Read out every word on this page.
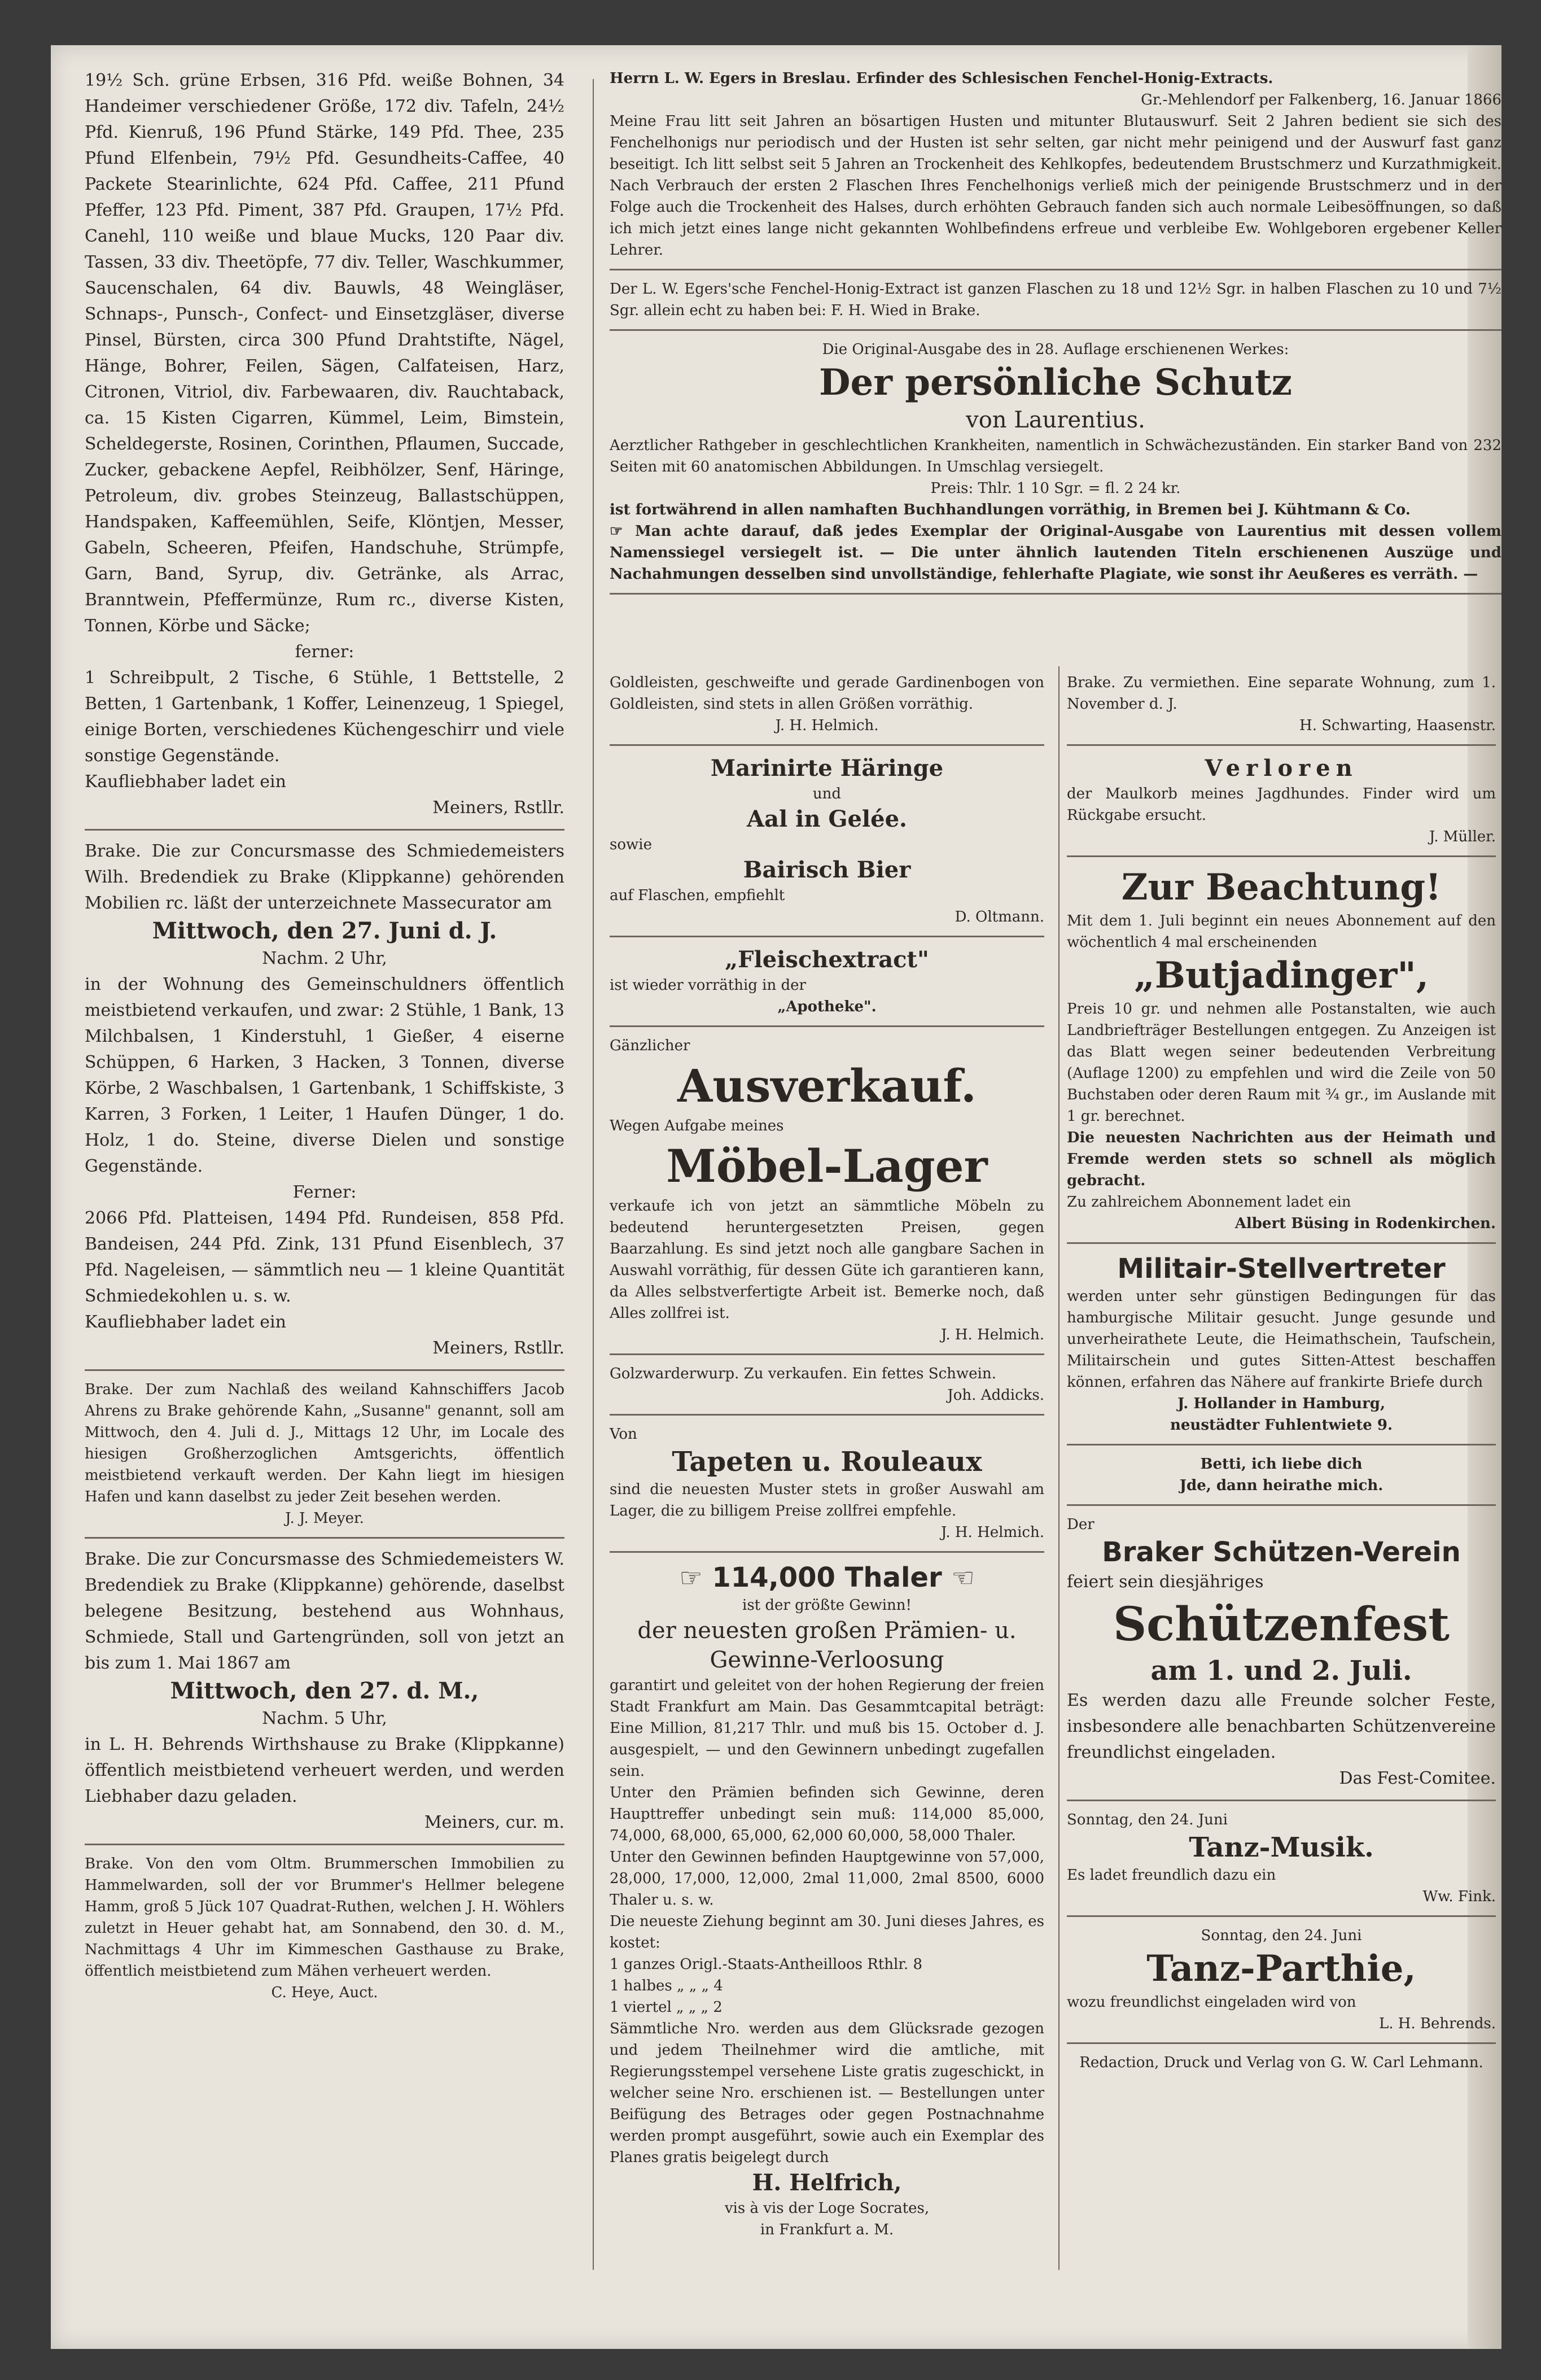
19½ Sch. grüne Erbsen, 316 Pfd. weiße Bohnen, 34 Handeimer verschiedener Größe, 172 div. Tafeln, 24½ Pfd. Kienruß, 196 Pfund Stärke, 149 Pfd. Thee, 235 Pfund Elfenbein, 79½ Pfd. Gesundheits-Caffee, 40 Packete Stearinlichte, 624 Pfd. Caffee, 211 Pfund Pfeffer, 123 Pfd. Piment, 387 Pfd. Graupen, 17½ Pfd. Canehl, 110 weiße und blaue Mucks, 120 Paar div. Tassen, 33 div. Theetöpfe, 77 div. Teller, Waschkummer, Saucenschalen, 64 div. Bauwls, 48 Weingläser, Schnaps-, Punsch-, Confect- und Einsetzgläser, diverse Pinsel, Bürsten, circa 300 Pfund Drahtstifte, Nägel, Hänge, Bohrer, Feilen, Sägen, Calfateisen, Harz, Citronen, Vitriol, div. Farbewaaren, div. Rauchtaback, ca. 15 Kisten Cigarren, Kümmel, Leim, Bimstein, Scheldegerste, Rosinen, Corinthen, Pflaumen, Succade, Zucker, gebackene Aepfel, Reibhölzer, Senf, Häringe, Petroleum, div. grobes Steinzeug, Ballastschüppen, Handspaken, Kaffeemühlen, Seife, Klöntjen, Messer, Gabeln, Scheeren, Pfeifen, Handschuhe, Strümpfe, Garn, Band, Syrup, div. Getränke, als Arrac, Branntwein, Pfeffermünze, Rum rc., diverse Kisten, Tonnen, Körbe und Säcke;

ferner:

1 Schreibpult, 2 Tische, 6 Stühle, 1 Bettstelle, 2 Betten, 1 Gartenbank, 1 Koffer, Leinenzeug, 1 Spiegel, einige Borten, verschiedenes Küchengeschirr und viele sonstige Gegenstände.

Kaufliebhaber ladet ein

Meiners, Rstllr.

Brake. Die zur Concursmasse des Schmiedemeisters Wilh. Bredendiek zu Brake (Klippkanne) gehörenden Mobilien rc. läßt der unterzeichnete Massecurator am

Mittwoch, den 27. Juni d. J.

Nachm. 2 Uhr,

in der Wohnung des Gemeinschuldners öffentlich meistbietend verkaufen, und zwar: 2 Stühle, 1 Bank, 13 Milchbalsen, 1 Kinderstuhl, 1 Gießer, 4 eiserne Schüppen, 6 Harken, 3 Hacken, 3 Tonnen, diverse Körbe, 2 Waschbalsen, 1 Gartenbank, 1 Schiffskiste, 3 Karren, 3 Forken, 1 Leiter, 1 Haufen Dünger, 1 do. Holz, 1 do. Steine, diverse Dielen und sonstige Gegenstände.

Ferner:

2066 Pfd. Platteisen, 1494 Pfd. Rundeisen, 858 Pfd. Bandeisen, 244 Pfd. Zink, 131 Pfund Eisenblech, 37 Pfd. Nageleisen, — sämmtlich neu — 1 kleine Quantität Schmiedekohlen u. s. w.

Kaufliebhaber ladet ein

Meiners, Rstllr.

Brake. Der zum Nachlaß des weiland Kahnschiffers Jacob Ahrens zu Brake gehörende Kahn, „Susanne" genannt, soll am Mittwoch, den 4. Juli d. J., Mittags 12 Uhr, im Locale des hiesigen Großherzoglichen Amtsgerichts, öffentlich meistbietend verkauft werden. Der Kahn liegt im hiesigen Hafen und kann daselbst zu jeder Zeit besehen werden.

J. J. Meyer.

Brake. Die zur Concursmasse des Schmiedemeisters W. Bredendiek zu Brake (Klippkanne) gehörende, daselbst belegene Besitzung, bestehend aus Wohnhaus, Schmiede, Stall und Gartengründen, soll von jetzt an bis zum 1. Mai 1867 am

Mittwoch, den 27. d. M.,

Nachm. 5 Uhr,

in L. H. Behrends Wirthshause zu Brake (Klippkanne) öffentlich meistbietend verheuert werden, und werden Liebhaber dazu geladen.

Meiners, cur. m.

Brake. Von den vom Oltm. Brummerschen Immobilien zu Hammelwarden, soll der vor Brummer's Hellmer belegene Hamm, groß 5 Jück 107 Quadrat-Ruthen, welchen J. H. Wöhlers zuletzt in Heuer gehabt hat, am Sonnabend, den 30. d. M., Nachmittags 4 Uhr im Kimmeschen Gasthause zu Brake, öffentlich meistbietend zum Mähen verheuert werden.

C. Heye, Auct.

Herrn L. W. Egers in Breslau. Erfinder des Schlesischen Fenchel-Honig-Extracts.

Gr.-Mehlendorf per Falkenberg, 16. Januar 1866

Meine Frau litt seit Jahren an bösartigen Husten und mitunter Blutauswurf. Seit 2 Jahren bedient sie sich des Fenchelhonigs nur periodisch und der Husten ist sehr selten, gar nicht mehr peinigend und der Auswurf fast ganz beseitigt. Ich litt selbst seit 5 Jahren an Trockenheit des Kehlkopfes, bedeutendem Brustschmerz und Kurzathmigkeit. Nach Verbrauch der ersten 2 Flaschen Ihres Fenchelhonigs verließ mich der peinigende Brustschmerz und in der Folge auch die Trockenheit des Halses, durch erhöhten Gebrauch fanden sich auch normale Leibesöffnungen, so daß ich mich jetzt eines lange nicht gekannten Wohlbefindens erfreue und verbleibe Ew. Wohlgeboren ergebener Keller Lehrer.

Der L. W. Egers'sche Fenchel-Honig-Extract ist ganzen Flaschen zu 18 und 12½ Sgr. in halben Flaschen zu 10 und 7½ Sgr. allein echt zu haben bei: F. H. Wied in Brake.

Die Original-Ausgabe des in 28. Auflage erschienenen Werkes:

Der persönliche Schutz

von Laurentius.

Aerztlicher Rathgeber in geschlechtlichen Krankheiten, namentlich in Schwächezuständen. Ein starker Band von 232 Seiten mit 60 anatomischen Abbildungen. In Umschlag versiegelt.

Preis: Thlr. 1 10 Sgr. = fl. 2 24 kr.

ist fortwährend in allen namhaften Buchhandlungen vorräthig, in Bremen bei J. Kühtmann & Co.

☞ Man achte darauf, daß jedes Exemplar der Original-Ausgabe von Laurentius mit dessen vollem Namenssiegel versiegelt ist. — Die unter ähnlich lautenden Titeln erschienenen Auszüge und Nachahmungen desselben sind unvollständige, fehlerhafte Plagiate, wie sonst ihr Aeußeres es verräth. —

Goldleisten, geschweifte und gerade Gardinenbogen von Goldleisten, sind stets in allen Größen vorräthig.

J. H. Helmich.

Marinirte Häringe

und

Aal in Gelée.

sowie

Bairisch Bier

auf Flaschen, empfiehlt

D. Oltmann.

„Fleischextract"

ist wieder vorräthig in der

„Apotheke".

Gänzlicher

Ausverkauf.

Wegen Aufgabe meines

Möbel-Lager

verkaufe ich von jetzt an sämmtliche Möbeln zu bedeutend heruntergesetzten Preisen, gegen Baarzahlung. Es sind jetzt noch alle gangbare Sachen in Auswahl vorräthig, für dessen Güte ich garantieren kann, da Alles selbstverfertigte Arbeit ist. Bemerke noch, daß Alles zollfrei ist.

J. H. Helmich.

Golzwarderwurp. Zu verkaufen. Ein fettes Schwein.

Joh. Addicks.

Von

Tapeten u. Rouleaux

sind die neuesten Muster stets in großer Auswahl am Lager, die zu billigem Preise zollfrei empfehle.

J. H. Helmich.

☞ 114,000 Thaler ☜

ist der größte Gewinn!

der neuesten großen Prämien- u.

Gewinne-Verloosung

garantirt und geleitet von der hohen Regierung der freien Stadt Frankfurt am Main. Das Gesammtcapital beträgt: Eine Million, 81,217 Thlr. und muß bis 15. October d. J. ausgespielt, — und den Gewinnern unbedingt zugefallen sein.

Unter den Prämien befinden sich Gewinne, deren Haupttreffer unbedingt sein muß: 114,000 85,000, 74,000, 68,000, 65,000, 62,000 60,000, 58,000 Thaler.

Unter den Gewinnen befinden Hauptgewinne von 57,000, 28,000, 17,000, 12,000, 2mal 11,000, 2mal 8500, 6000 Thaler u. s. w.

Die neueste Ziehung beginnt am 30. Juni dieses Jahres, es kostet:

1 ganzes Origl.-Staats-Antheilloos Rthlr. 8

1 halbes „ „ „ 4

1 viertel „ „ „ 2

Sämmtliche Nro. werden aus dem Glücksrade gezogen und jedem Theilnehmer wird die amtliche, mit Regierungsstempel versehene Liste gratis zugeschickt, in welcher seine Nro. erschienen ist. — Bestellungen unter Beifügung des Betrages oder gegen Postnachnahme werden prompt ausgeführt, sowie auch ein Exemplar des Planes gratis beigelegt durch

H. Helfrich,

vis à vis der Loge Socrates,

in Frankfurt a. M.

Brake. Zu vermiethen. Eine separate Wohnung, zum 1. November d. J.

H. Schwarting, Haasenstr.

Verloren

der Maulkorb meines Jagdhundes. Finder wird um Rückgabe ersucht.

J. Müller.

Zur Beachtung!

Mit dem 1. Juli beginnt ein neues Abonnement auf den wöchentlich 4 mal erscheinenden

„Butjadinger",

Preis 10 gr. und nehmen alle Postanstalten, wie auch Landbriefträger Bestellungen entgegen. Zu Anzeigen ist das Blatt wegen seiner bedeutenden Verbreitung (Auflage 1200) zu empfehlen und wird die Zeile von 50 Buchstaben oder deren Raum mit ¾ gr., im Auslande mit 1 gr. berechnet.

Die neuesten Nachrichten aus der Heimath und Fremde werden stets so schnell als möglich gebracht.

Zu zahlreichem Abonnement ladet ein

Albert Büsing in Rodenkirchen.

Militair-Stellvertreter

werden unter sehr günstigen Bedingungen für das hamburgische Militair gesucht. Junge gesunde und unverheirathete Leute, die Heimathschein, Taufschein, Militairschein und gutes Sitten-Attest beschaffen können, erfahren das Nähere auf frankirte Briefe durch

J. Hollander in Hamburg,

neustädter Fuhlentwiete 9.

Betti, ich liebe dich

Jde, dann heirathe mich.

Der

Braker Schützen-Verein

feiert sein diesjähriges

Schützenfest

am 1. und 2. Juli.

Es werden dazu alle Freunde solcher Feste, insbesondere alle benachbarten Schützenvereine freundlichst eingeladen.

Das Fest-Comitee.

Sonntag, den 24. Juni

Tanz-Musik.

Es ladet freundlich dazu ein

Ww. Fink.

Sonntag, den 24. Juni

Tanz-Parthie,

wozu freundlichst eingeladen wird von

L. H. Behrends.

Redaction, Druck und Verlag von G. W. Carl Lehmann.
